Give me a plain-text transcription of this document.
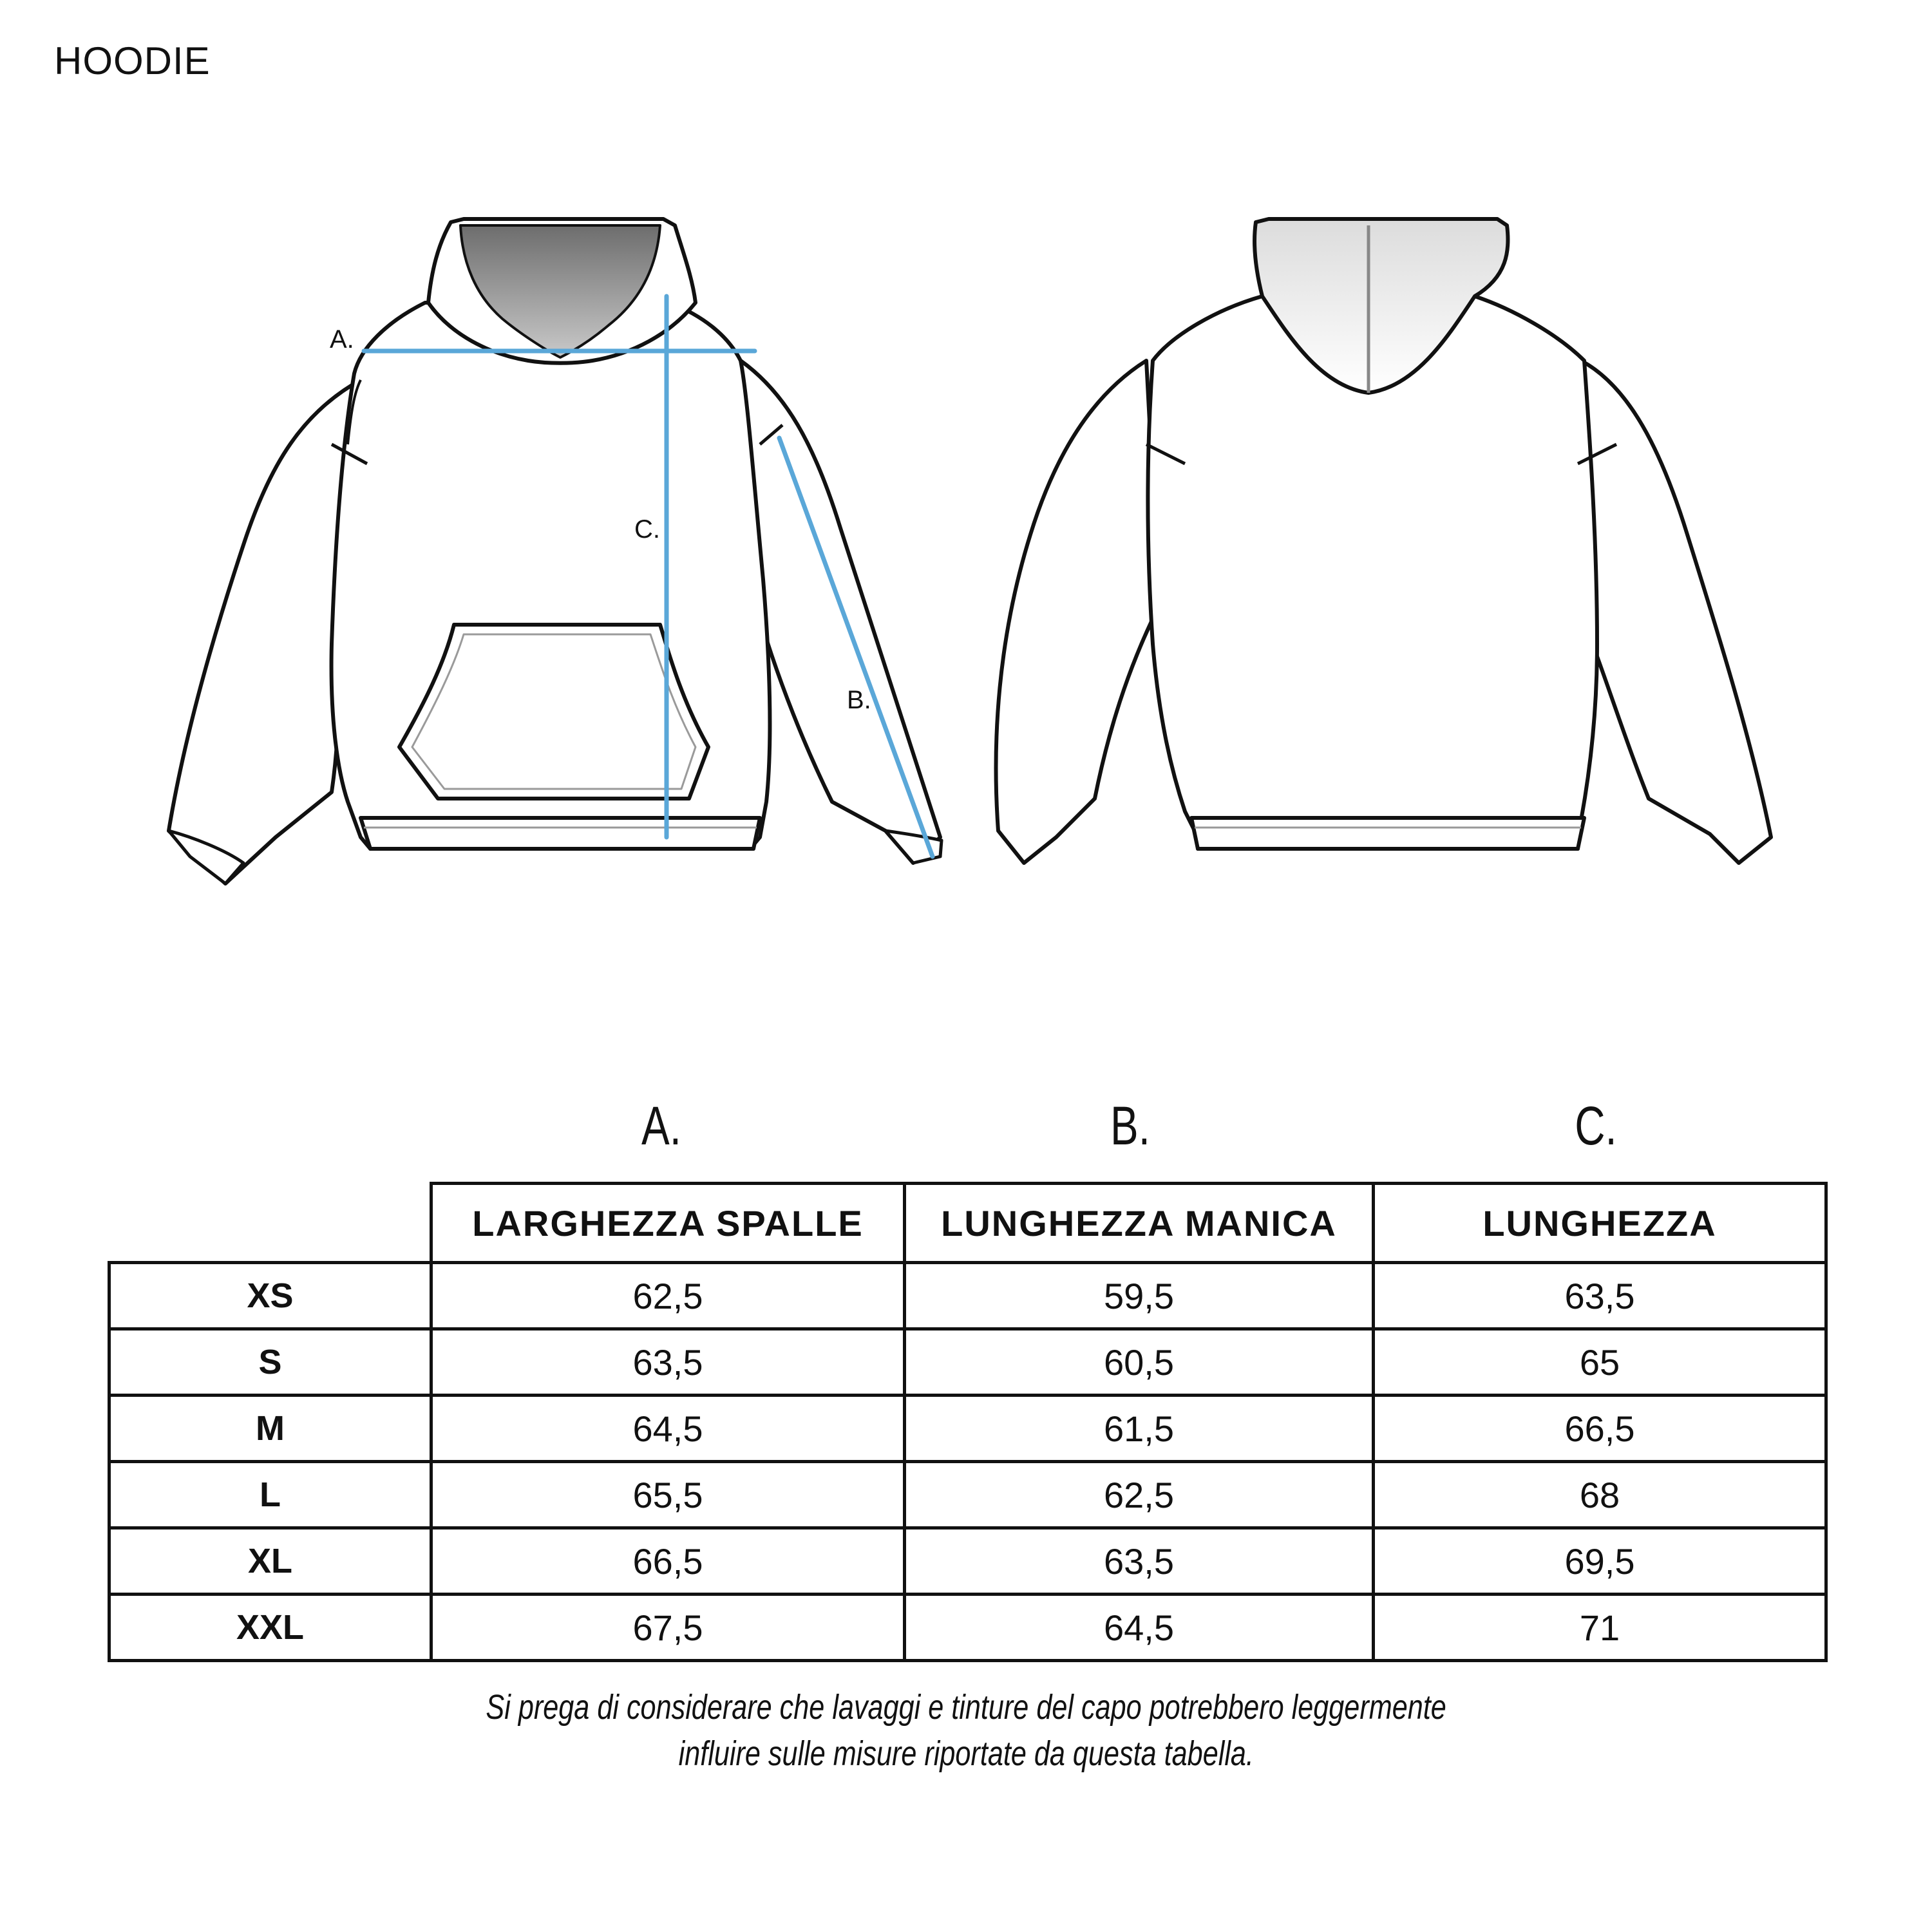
HOODIE
A.
C.
B.
A.	B.	C.
	LARGHEZZA SPALLE	LUNGHEZZA MANICA	LUNGHEZZA
XS	62,5	59,5	63,5
S	63,5	60,5	65
M	64,5	61,5	66,5
L	65,5	62,5	68
XL	66,5	63,5	69,5
XXL	67,5	64,5	71
Si prega di considerare che lavaggi e tinture del capo potrebbero leggermente
influire sulle misure riportate da questa tabella.
